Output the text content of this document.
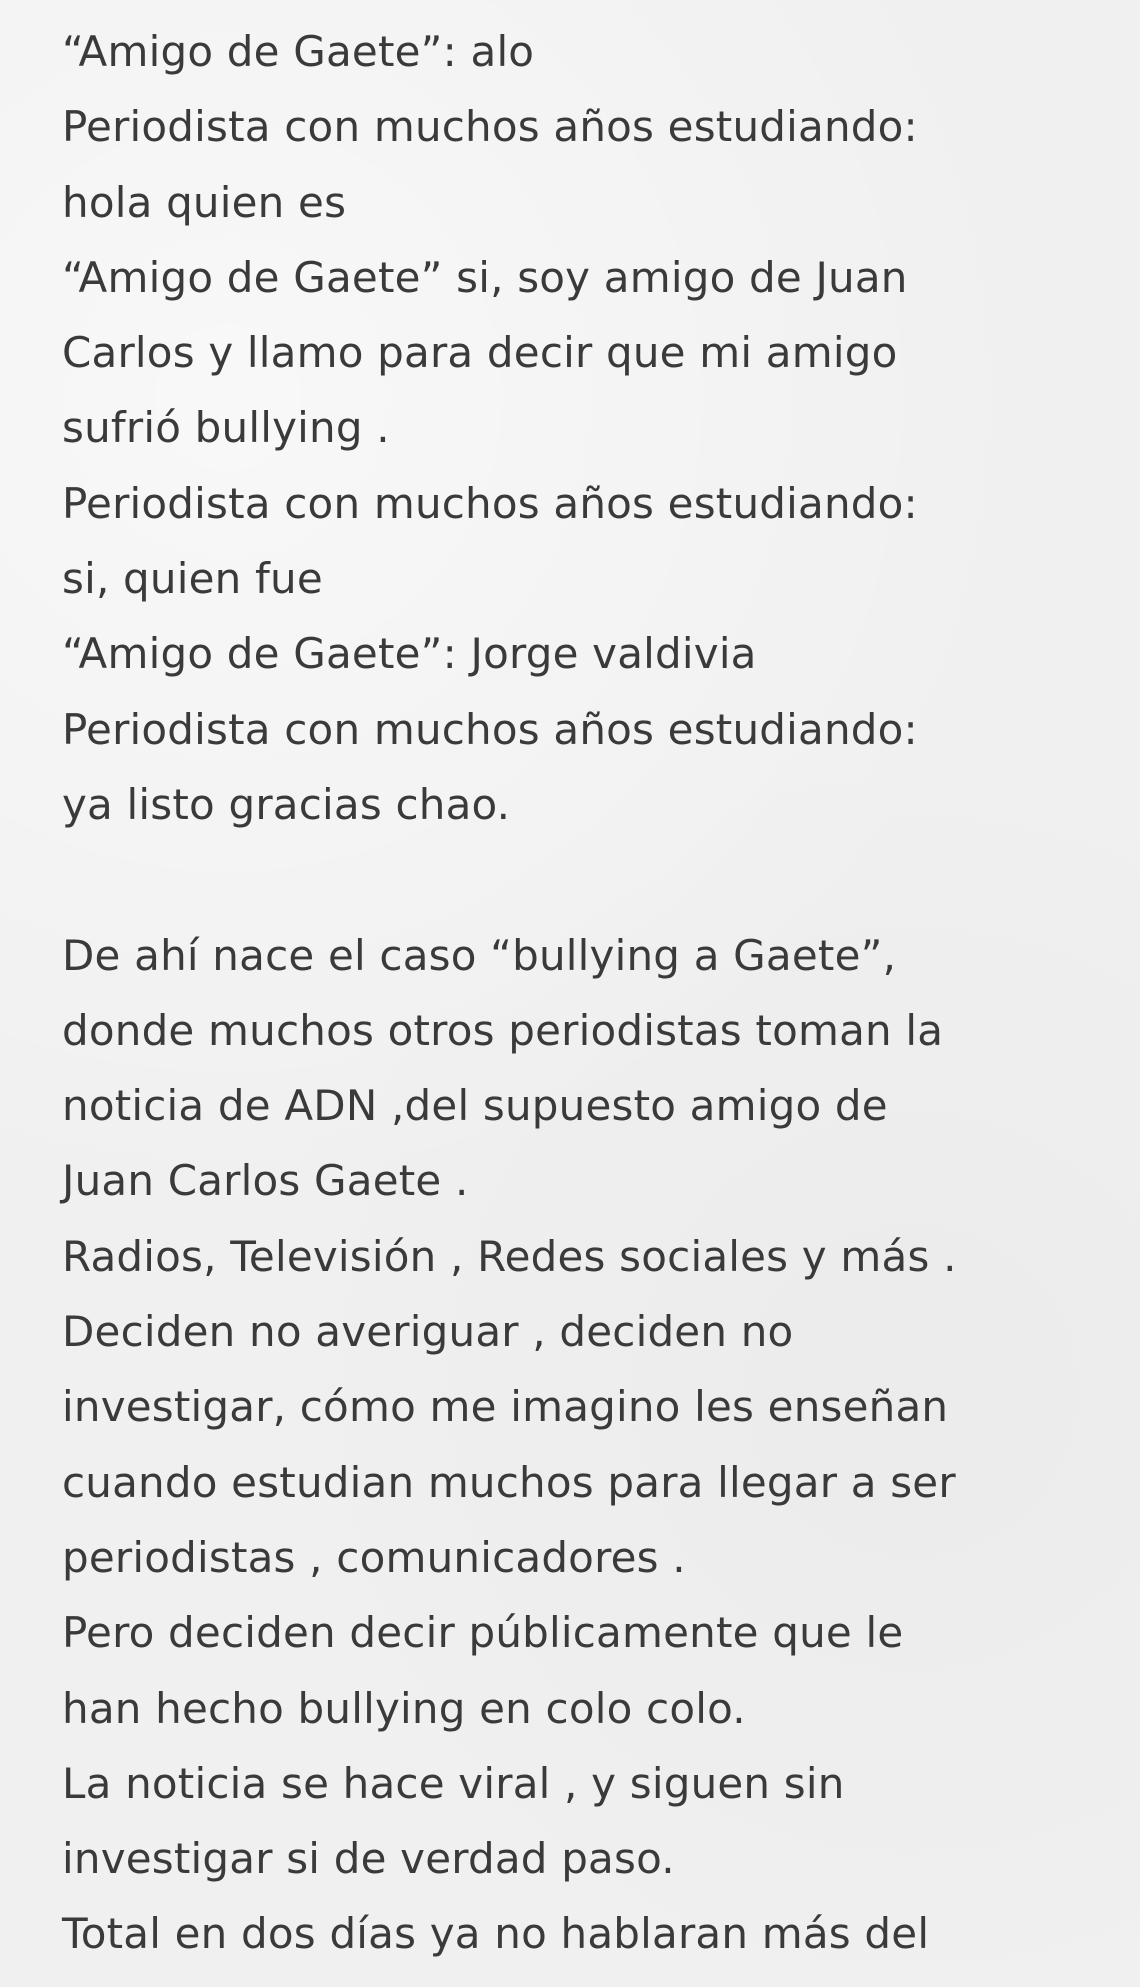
“Amigo de Gaete”: alo
Periodista con muchos años estudiando:
hola quien es
“Amigo de Gaete” si, soy amigo de Juan
Carlos y llamo para decir que mi amigo
sufrió bullying .
Periodista con muchos años estudiando:
si, quien fue
“Amigo de Gaete”: Jorge valdivia
Periodista con muchos años estudiando:
ya listo gracias chao.
De ahí nace el caso “bullying a Gaete”,
donde muchos otros periodistas toman la
noticia de ADN ,del supuesto amigo de
Juan Carlos Gaete .
Radios, Televisión , Redes sociales y más .
Deciden no averiguar , deciden no
investigar, cómo me imagino les enseñan
cuando estudian muchos para llegar a ser
periodistas , comunicadores .
Pero deciden decir públicamente que le
han hecho bullying en colo colo.
La noticia se hace viral , y siguen sin
investigar si de verdad paso.
Total en dos días ya no hablaran más del
